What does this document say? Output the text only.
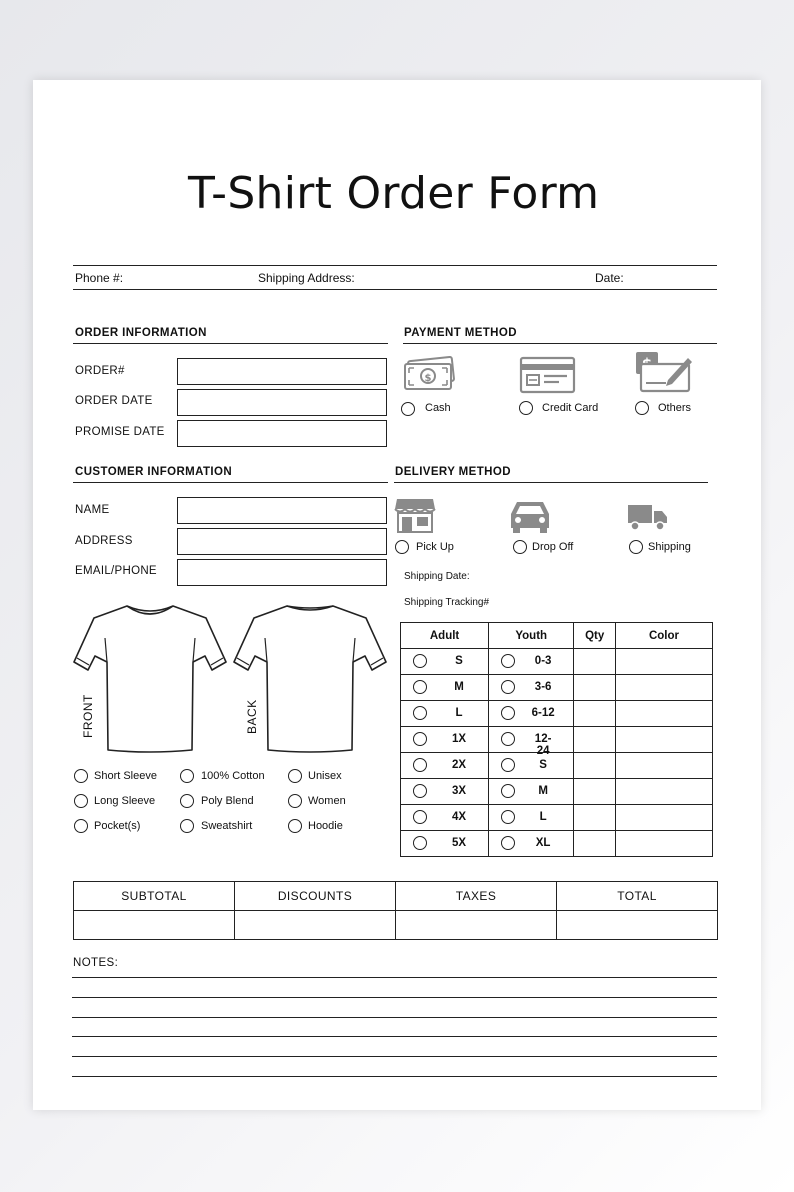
T-Shirt Order Form
Phone #:	Shipping Address:	Date:
ORDER INFORMATION
ORDER#
ORDER DATE
PROMISE DATE
PAYMENT METHOD
$
Cash	Credit Card	Others
CUSTOMER INFORMATION
NAME
ADDRESS
EMAIL/PHONE
DELIVERY METHOD
Pick Up	Drop Off	Shipping
Shipping Date:
Shipping Tracking#
FRONT	BACK
Short Sleeve	100% Cotton	Unisex
Long Sleeve	Poly Blend	Women
Pocket(s)	Sweatshirt	Hoodie
Adult	Youth	Qty	Color

S	0-3		

M	3-6		

L	6-12		

1X	12-24		

2X	S		

3X	M		

4X	L		

5X	XL		

SUBTOTAL	DISCOUNTS	TAXES	TOTAL

NOTES:
